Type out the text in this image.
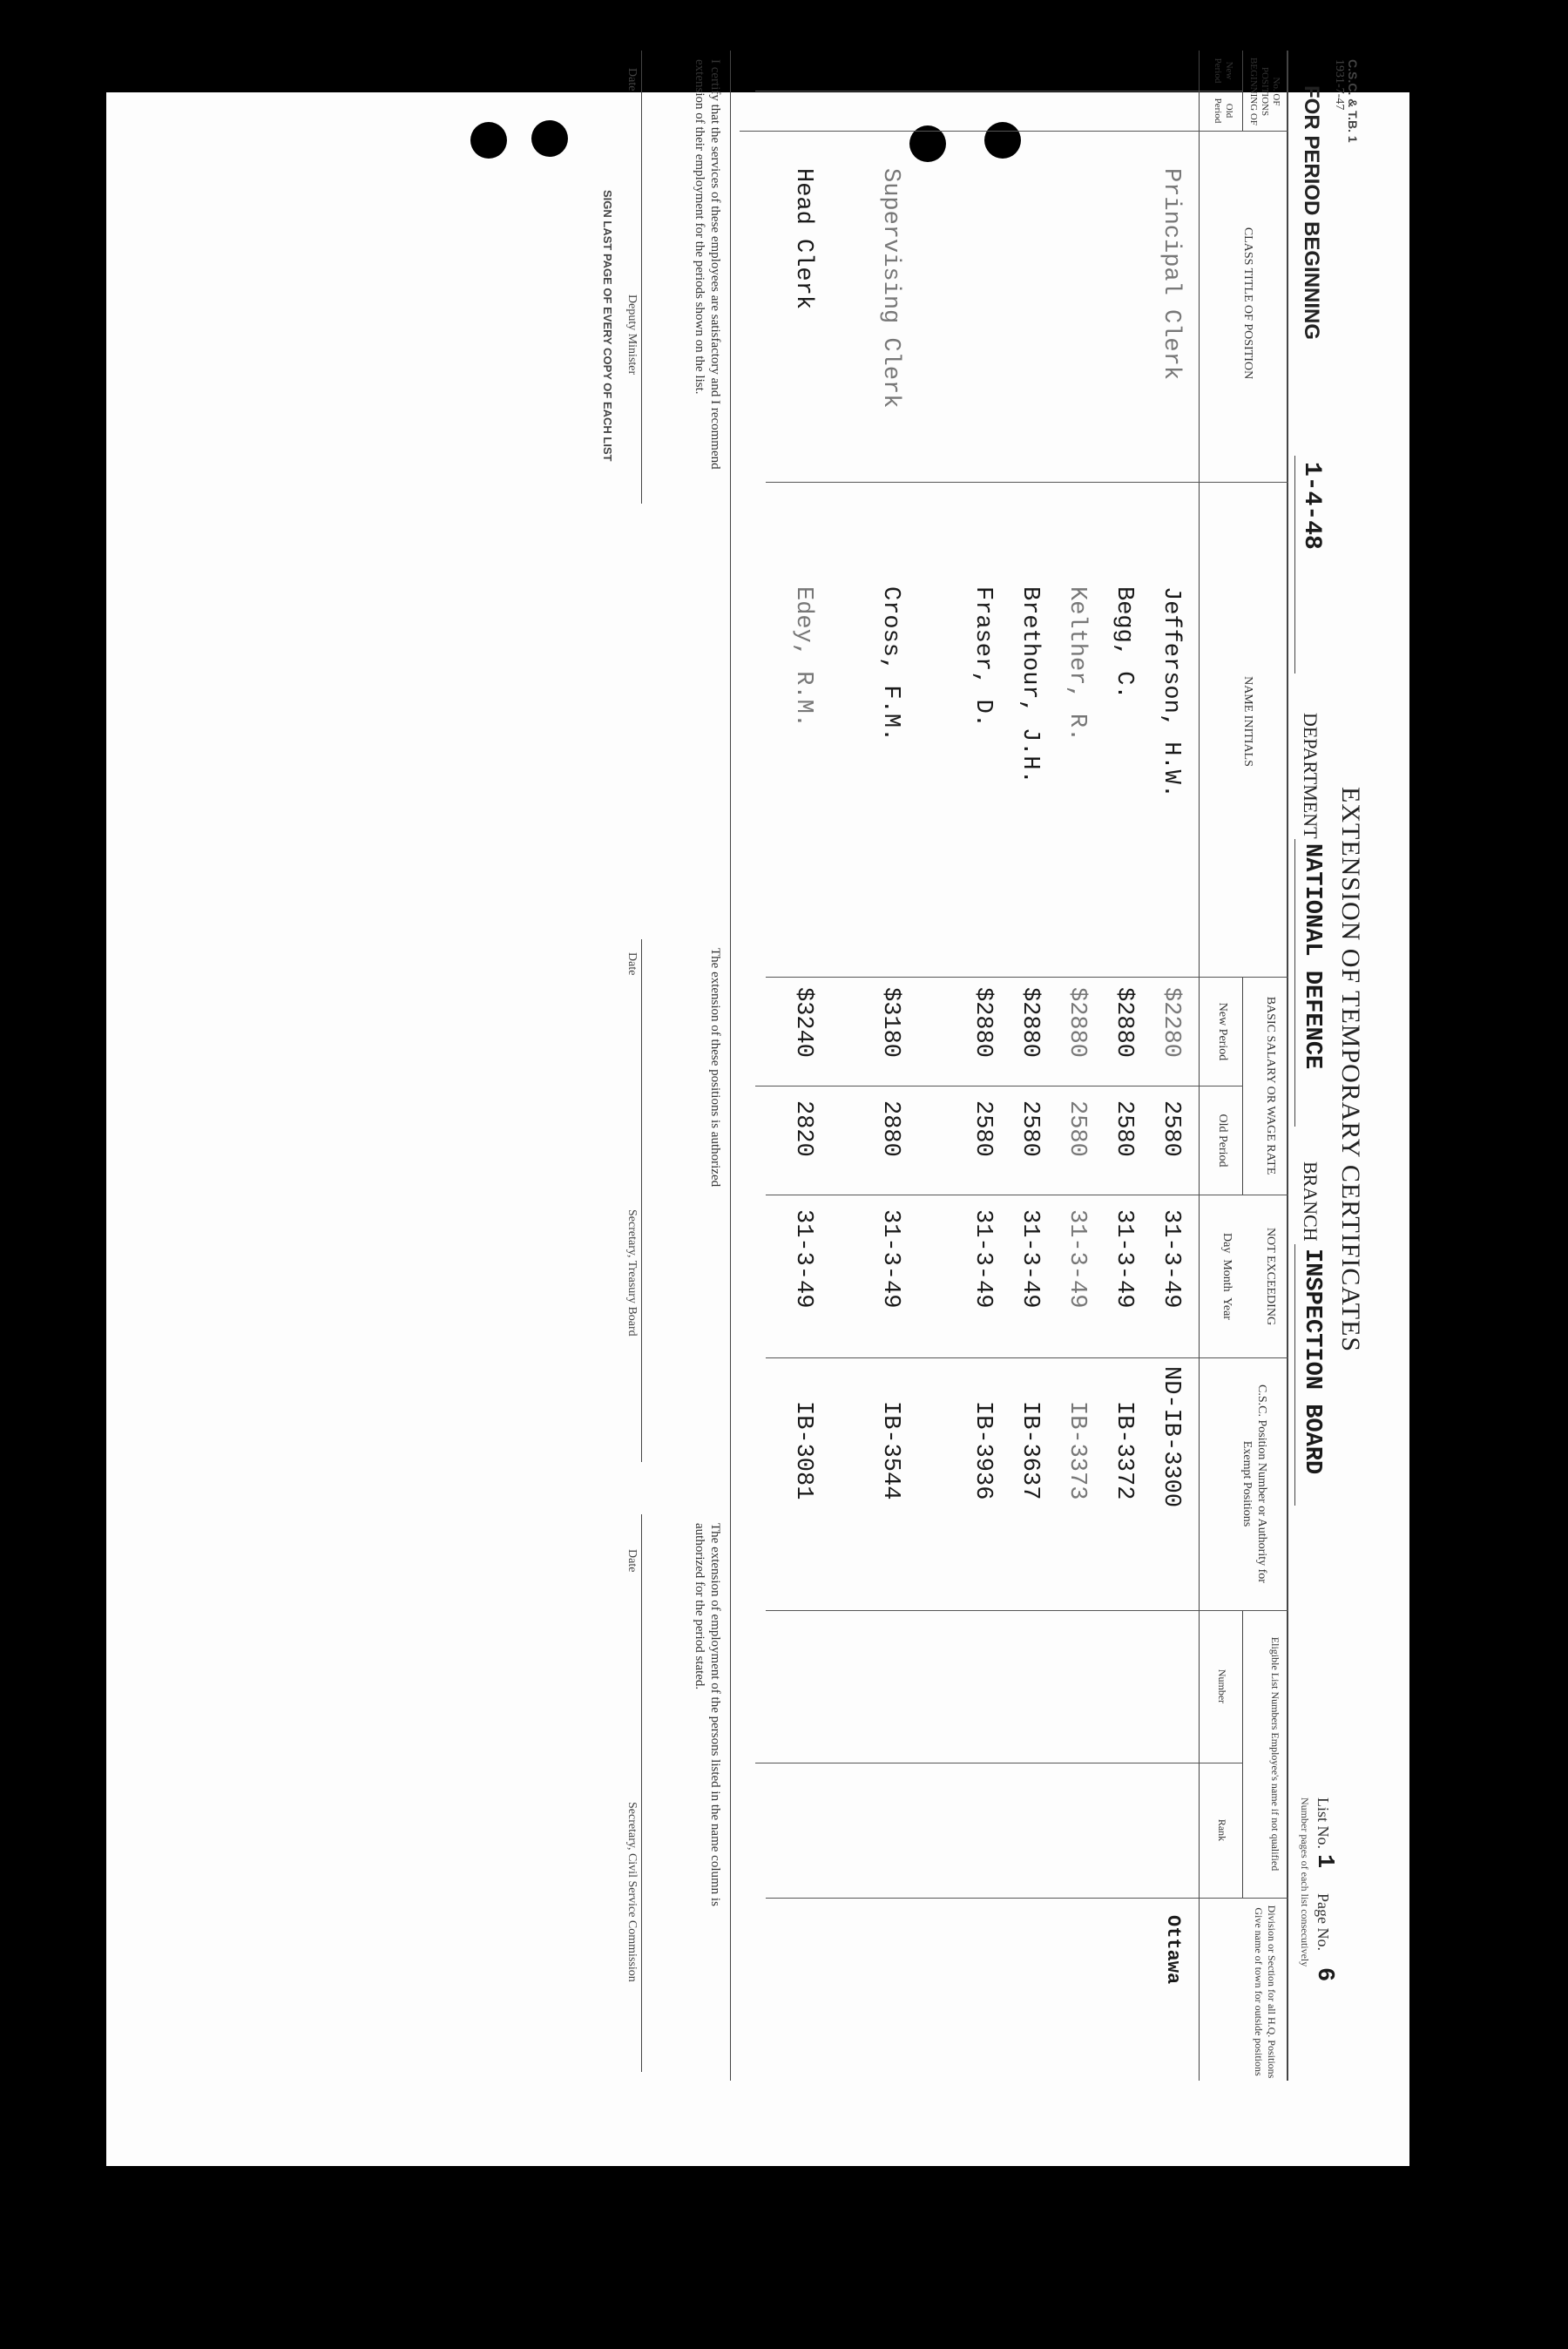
C.S.C. & T.B. 1
1931-7-47
EXTENSION OF TEMPORARY CERTIFICATES
FOR PERIOD BEGINNING
1-4-48
DEPARTMENT
NATIONAL DEFENCE
BRANCH
INSPECTION BOARD
List No.
1
Page No.
6
Number pages of each list consecutively
No. OF POSITIONS BEGINNING OF
New Period
Old Period
CLASS TITLE OF POSITION
NAME INITIALS
BASIC SALARY OR WAGE RATE
New Period
Old Period
NOT EXCEEDING
Day  Month  Year
C.S.C. Position Number or Authority for Exempt Positions
Eligible List Numbers Employee's name if not qualified
Number
Rank
Division or Section for all H.Q. Positions Give name of town for outside positions
Principal Clerk
Supervising Clerk
Head Clerk
Jefferson, H.W.
$2280
2580
31-3-49
ND-IB-3300
Ottawa
Begg, C.
$2880
2580
31-3-49
IB-3372
Kelther, R.
$2880
2580
31-3-49
IB-3373
Brethour, J.H.
$2880
2580
31-3-49
IB-3637
Fraser, D.
$2880
2580
31-3-49
IB-3936
Cross, F.M.
$3180
2880
31-3-49
IB-3544
Edey, R.M.
$3240
2820
31-3-49
IB-3081
I certify that the services of these employees are satisfactory and I recommend
extension of their employment for the periods shown on the list.
Date
Deputy Minister
SIGN LAST PAGE OF EVERY COPY OF EACH LIST
The extension of these positions is authorized
Date
Secretary, Treasury Board
The extension of employment of the persons listed in the name column is
authorized for the period stated.
Date
Secretary, Civil Service Commission
